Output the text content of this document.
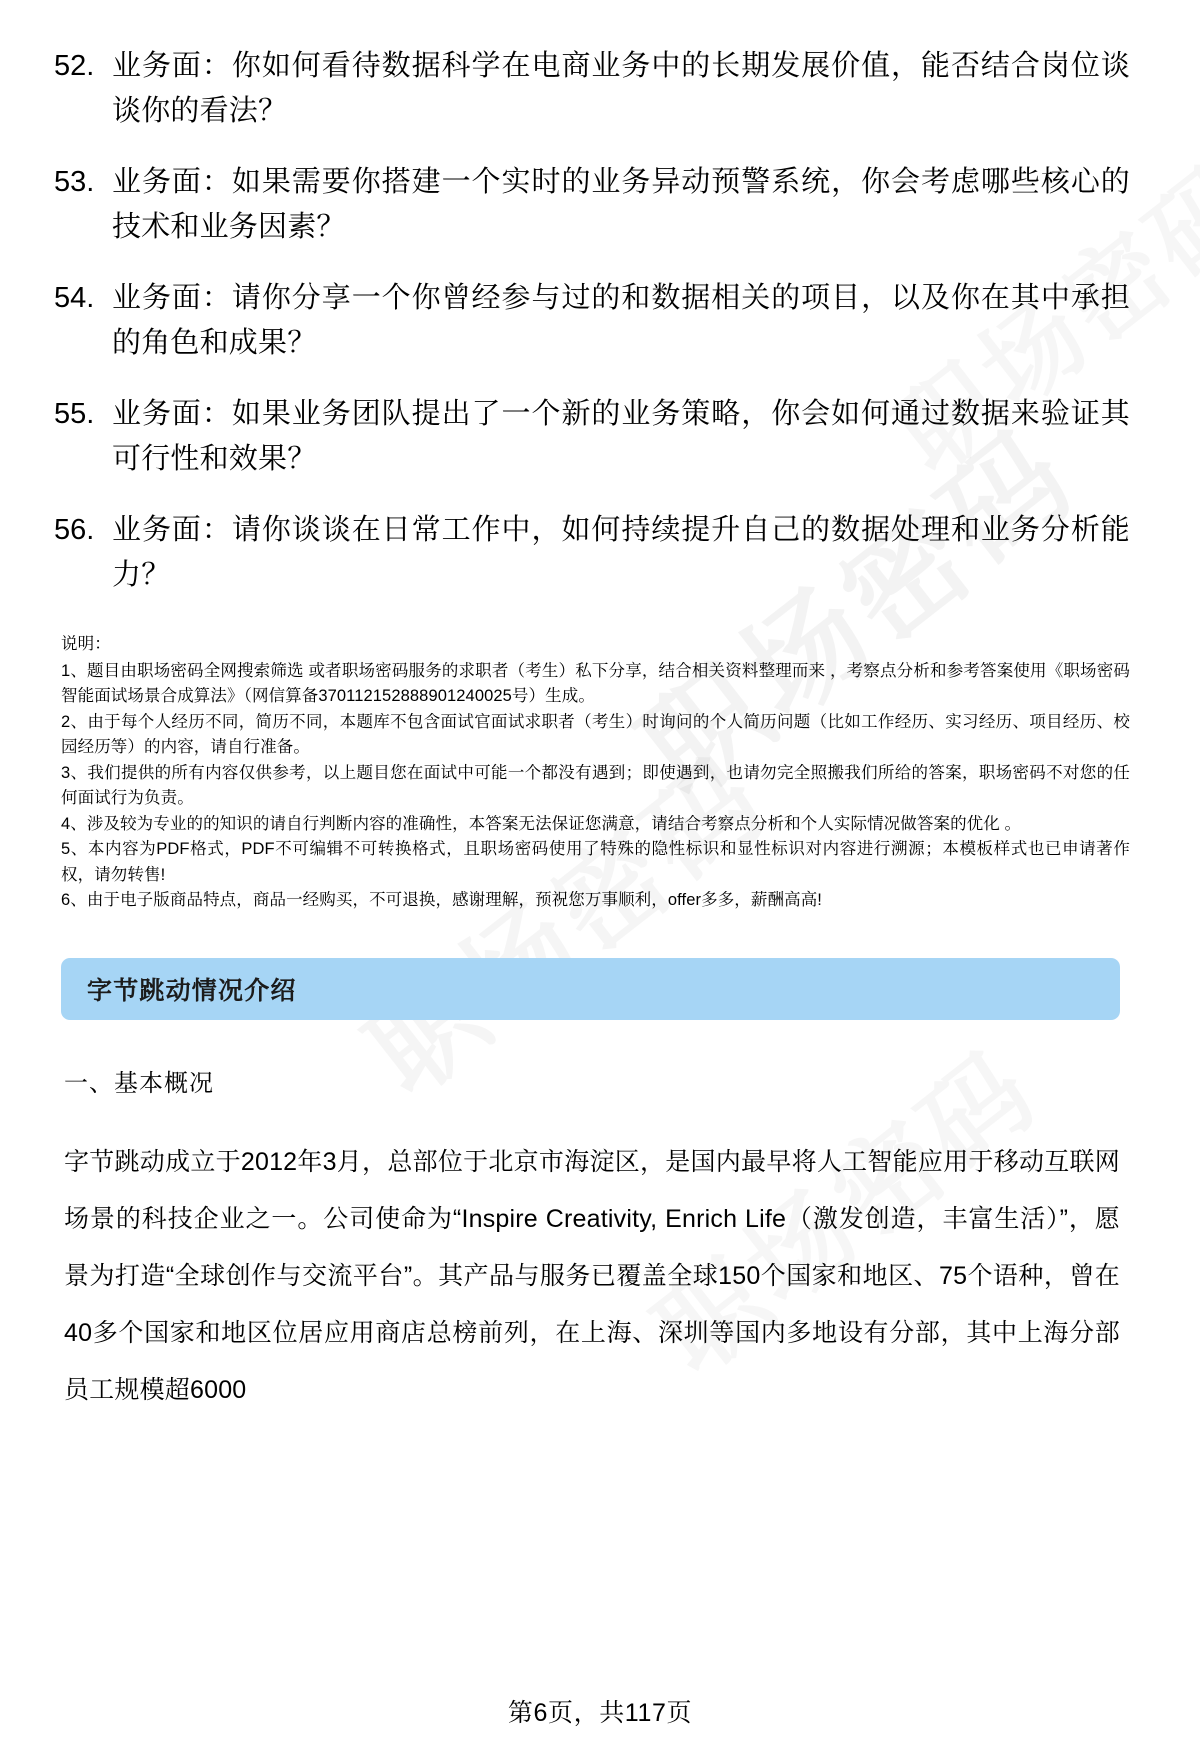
52. 业务面：你如何看待数据科学在电商业务中的长期发展价值，能否结合岗位谈谈你的看法？
53. 业务面：如果需要你搭建一个实时的业务异动预警系统，你会考虑哪些核心的技术和业务因素？
54. 业务面：请你分享一个你曾经参与过的和数据相关的项目，以及你在其中承担的角色和成果？
55. 业务面：如果业务团队提出了一个新的业务策略，你会如何通过数据来验证其可行性和效果？
56. 业务面：请你谈谈在日常工作中，如何持续提升自己的数据处理和业务分析能力？

说明：

1、题目由职场密码全网搜索筛选 或者职场密码服务的求职者（考生）私下分享，结合相关资料整理而来 ，考察点分析和参考答案使用《职场密码智能面试场景合成算法》（网信算备370112152888901240025号）生成。

2、由于每个人经历不同，简历不同，本题库不包含面试官面试求职者（考生）时询问的个人简历问题（比如工作经历、实习经历、项目经历、校园经历等）的内容，请自行准备。

3、我们提供的所有内容仅供参考，以上题目您在面试中可能一个都没有遇到；即使遇到，也请勿完全照搬我们所给的答案，职场密码不对您的任何面试行为负责。

4、涉及较为专业的的知识的请自行判断内容的准确性，本答案无法保证您满意，请结合考察点分析和个人实际情况做答案的优化 。

5、本内容为PDF格式，PDF不可编辑不可转换格式，且职场密码使用了特殊的隐性标识和显性标识对内容进行溯源；本模板样式也已申请著作权，请勿转售!

6、由于电子版商品特点，商品一经购买，不可退换，感谢理解，预祝您万事顺利，offer多多，薪酬高高!

字节跳动情况介绍
一、基本概况
字节跳动成立于2012年3月，总部位于北京市海淀区，是国内最早将人工智能应用于移动互联网场景的科技企业之一。公司使命为“Inspire Creativity, Enrich Life（激发创造，丰富生活）”，愿景为打造“全球创作与交流平台”。其产品与服务已覆盖全球150个国家和地区、75个语种，曾在40多个国家和地区位居应用商店总榜前列，在上海、深圳等国内多地设有分部，其中上海分部员工规模超6000
第6页，共117页
